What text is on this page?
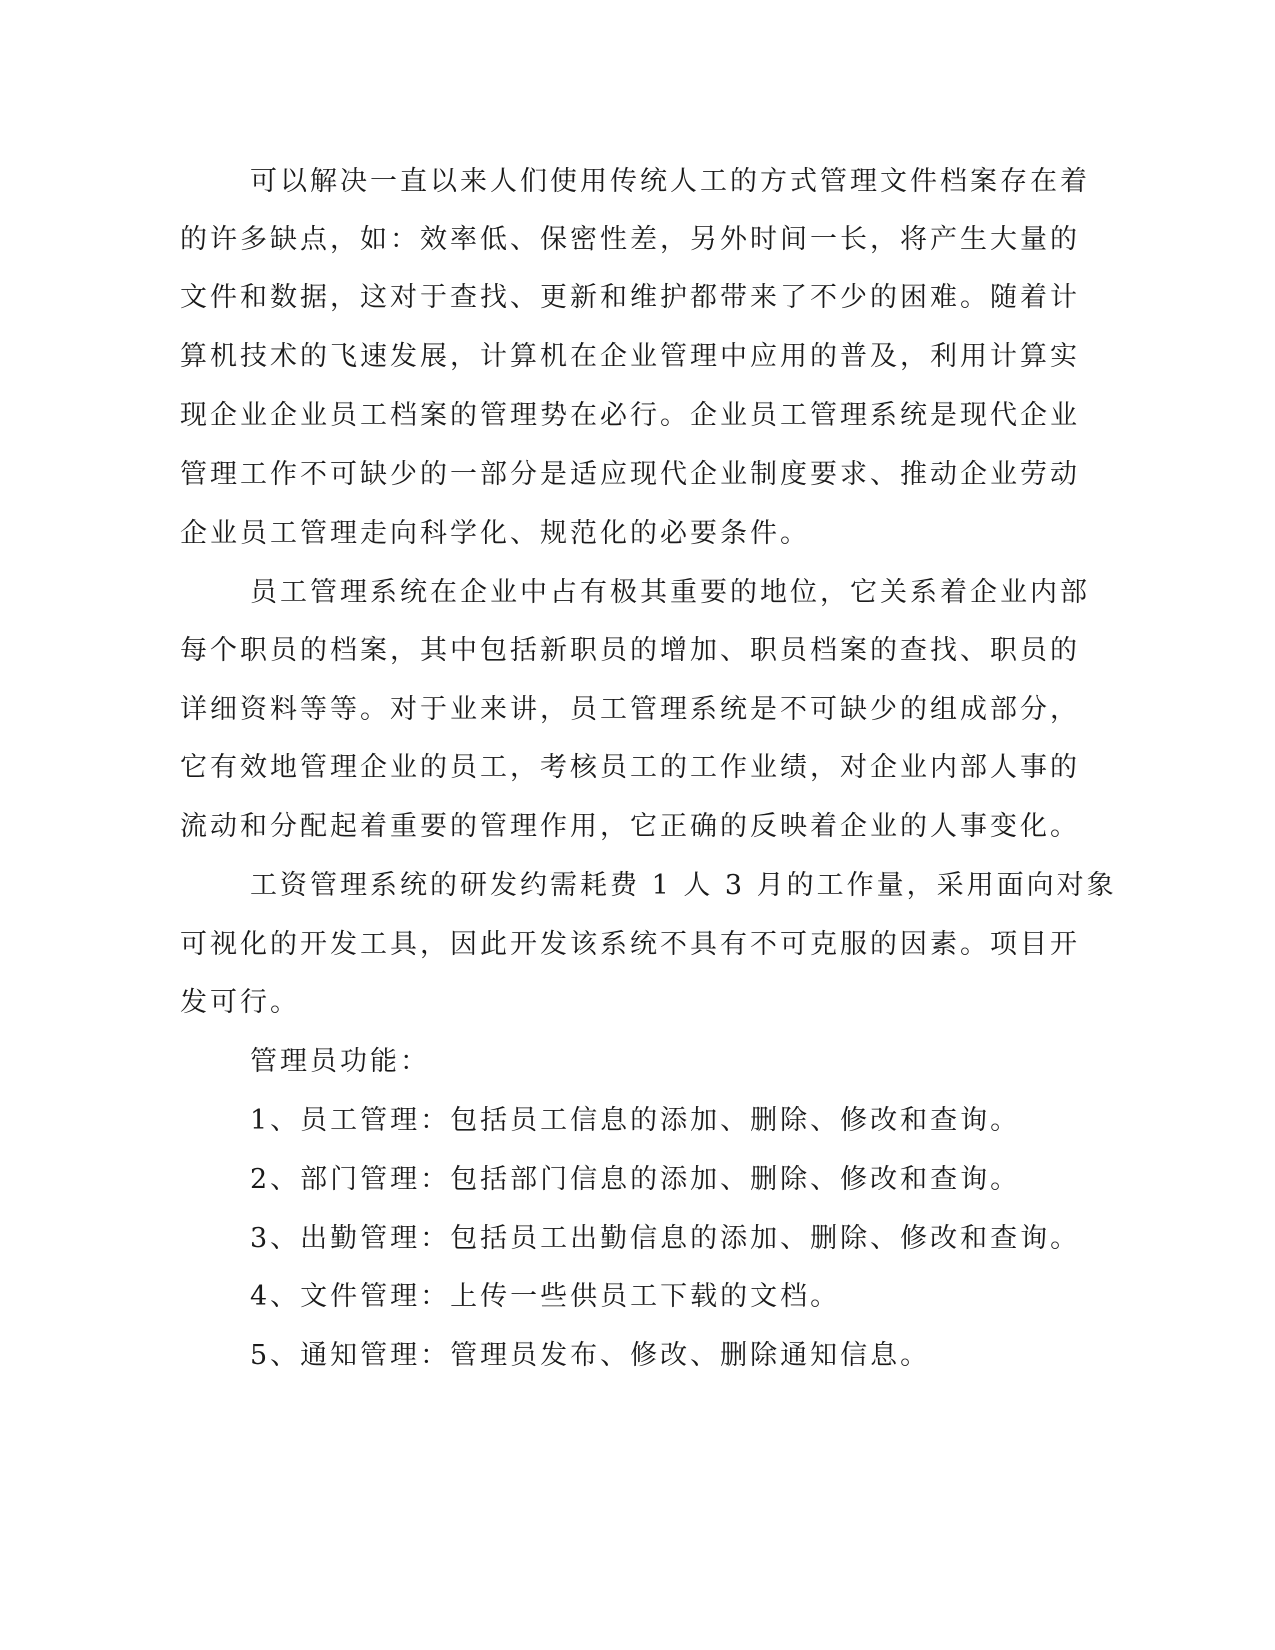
可以解决一直以来人们使用传统人工的方式管理文件档案存在着

的许多缺点，如：效率低、保密性差，另外时间一长，将产生大量的

文件和数据，这对于查找、更新和维护都带来了不少的困难。随着计

算机技术的飞速发展，计算机在企业管理中应用的普及，利用计算实

现企业企业员工档案的管理势在必行。企业员工管理系统是现代企业

管理工作不可缺少的一部分是适应现代企业制度要求、推动企业劳动

企业员工管理走向科学化、规范化的必要条件。

员工管理系统在企业中占有极其重要的地位，它关系着企业内部

每个职员的档案，其中包括新职员的增加、职员档案的查找、职员的

详细资料等等。对于业来讲，员工管理系统是不可缺少的组成部分，

它有效地管理企业的员工，考核员工的工作业绩，对企业内部人事的

流动和分配起着重要的管理作用，它正确的反映着企业的人事变化。

工资管理系统的研发约需耗费 1 人 3 月的工作量，采用面向对象

可视化的开发工具，因此开发该系统不具有不可克服的因素。项目开

发可行。

管理员功能：

1、员工管理：包括员工信息的添加、删除、修改和查询。

2、部门管理：包括部门信息的添加、删除、修改和查询。

3、出勤管理：包括员工出勤信息的添加、删除、修改和查询。

4、文件管理：上传一些供员工下载的文档。

5、通知管理：管理员发布、修改、删除通知信息。
